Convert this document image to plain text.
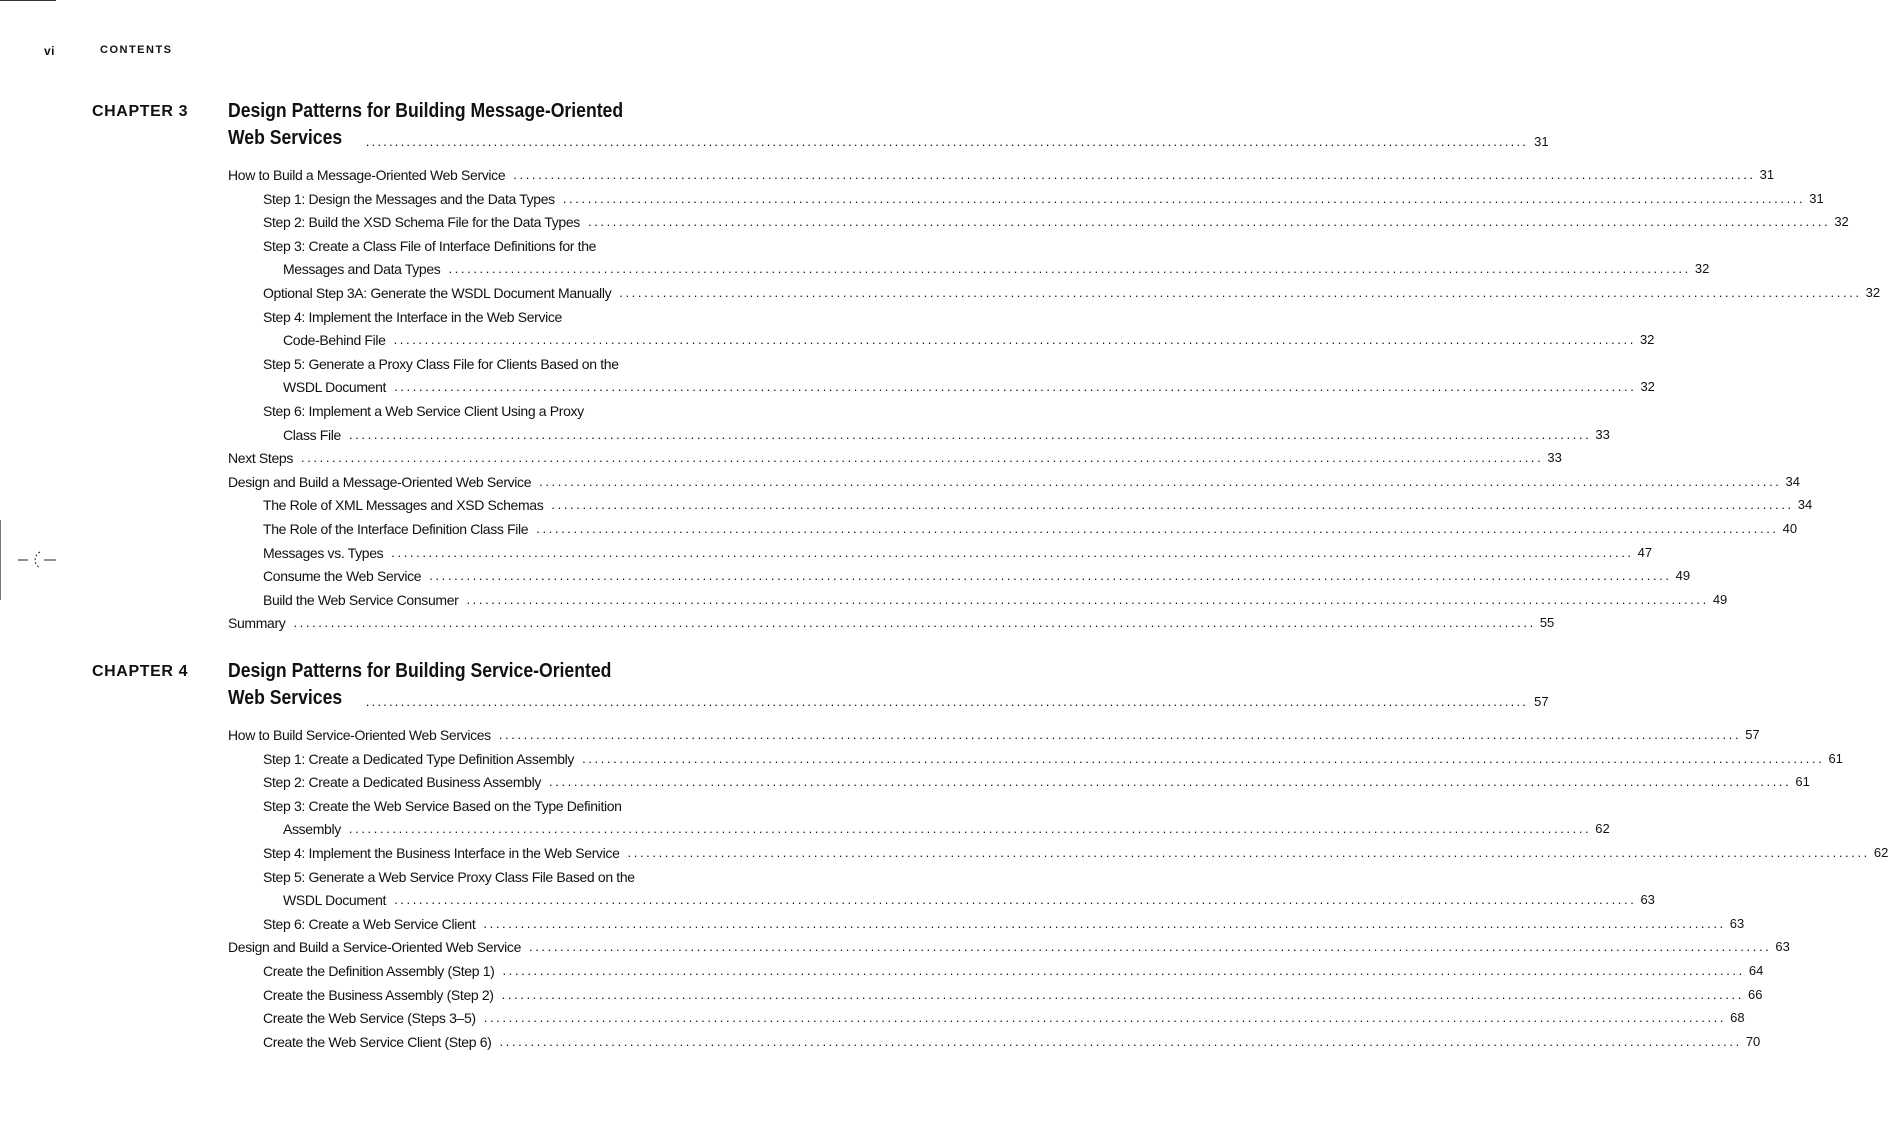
vi	CONTENTS
CHAPTER 3 Design Patterns for Building Message-Oriented
Web Services ........................................................................................................................................................................................................ 31
How to Build a Message-Oriented Web Service ........................................................................................................................................................................................................ 31
Step 1: Design the Messages and the Data Types ........................................................................................................................................................................................................ 31
Step 2: Build the XSD Schema File for the Data Types ........................................................................................................................................................................................................ 32
Step 3: Create a Class File of Interface Definitions for the
Messages and Data Types ........................................................................................................................................................................................................ 32
Optional Step 3A: Generate the WSDL Document Manually ........................................................................................................................................................................................................ 32
Step 4: Implement the Interface in the Web Service
Code-Behind File ........................................................................................................................................................................................................ 32
Step 5: Generate a Proxy Class File for Clients Based on the
WSDL Document ........................................................................................................................................................................................................ 32
Step 6: Implement a Web Service Client Using a Proxy
Class File ........................................................................................................................................................................................................ 33
Next Steps ........................................................................................................................................................................................................ 33
Design and Build a Message-Oriented Web Service ........................................................................................................................................................................................................ 34
The Role of XML Messages and XSD Schemas ........................................................................................................................................................................................................ 34
The Role of the Interface Definition Class File ........................................................................................................................................................................................................ 40
Messages vs. Types ........................................................................................................................................................................................................ 47
Consume the Web Service ........................................................................................................................................................................................................ 49
Build the Web Service Consumer ........................................................................................................................................................................................................ 49
Summary ........................................................................................................................................................................................................ 55
CHAPTER 4 Design Patterns for Building Service-Oriented
Web Services ........................................................................................................................................................................................................ 57
How to Build Service-Oriented Web Services ........................................................................................................................................................................................................ 57
Step 1: Create a Dedicated Type Definition Assembly ........................................................................................................................................................................................................ 61
Step 2: Create a Dedicated Business Assembly ........................................................................................................................................................................................................ 61
Step 3: Create the Web Service Based on the Type Definition
Assembly ........................................................................................................................................................................................................ 62
Step 4: Implement the Business Interface in the Web Service ........................................................................................................................................................................................................ 62
Step 5: Generate a Web Service Proxy Class File Based on the
WSDL Document ........................................................................................................................................................................................................ 63
Step 6: Create a Web Service Client ........................................................................................................................................................................................................ 63
Design and Build a Service-Oriented Web Service ........................................................................................................................................................................................................ 63
Create the Definition Assembly (Step 1) ........................................................................................................................................................................................................ 64
Create the Business Assembly (Step 2) ........................................................................................................................................................................................................ 66
Create the Web Service (Steps 3–5) ........................................................................................................................................................................................................ 68
Create the Web Service Client (Step 6) ........................................................................................................................................................................................................ 70
